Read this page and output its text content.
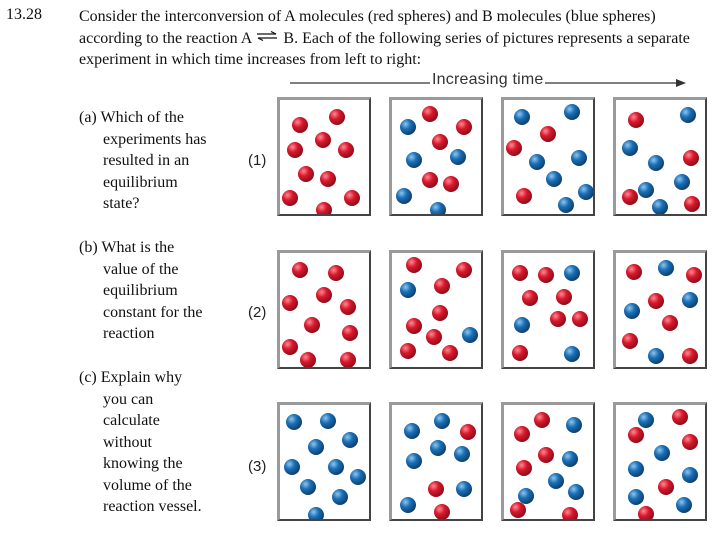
13.28 Consider the interconversion of A molecules (red spheres) and B molecules (blue spheres) according to the reaction A ⇌ B. Each of the following series of pictures represents a separate experiment in which time increases from left to right:
Increasing time
(a) Which of the
experiments has
resulted in an
equilibrium
state?
(b) What is the
value of the
equilibrium
constant for the
reaction
(c) Explain why
you can
calculate
without
knowing the
volume of the
reaction vessel.
(1)
(2)
(3)
